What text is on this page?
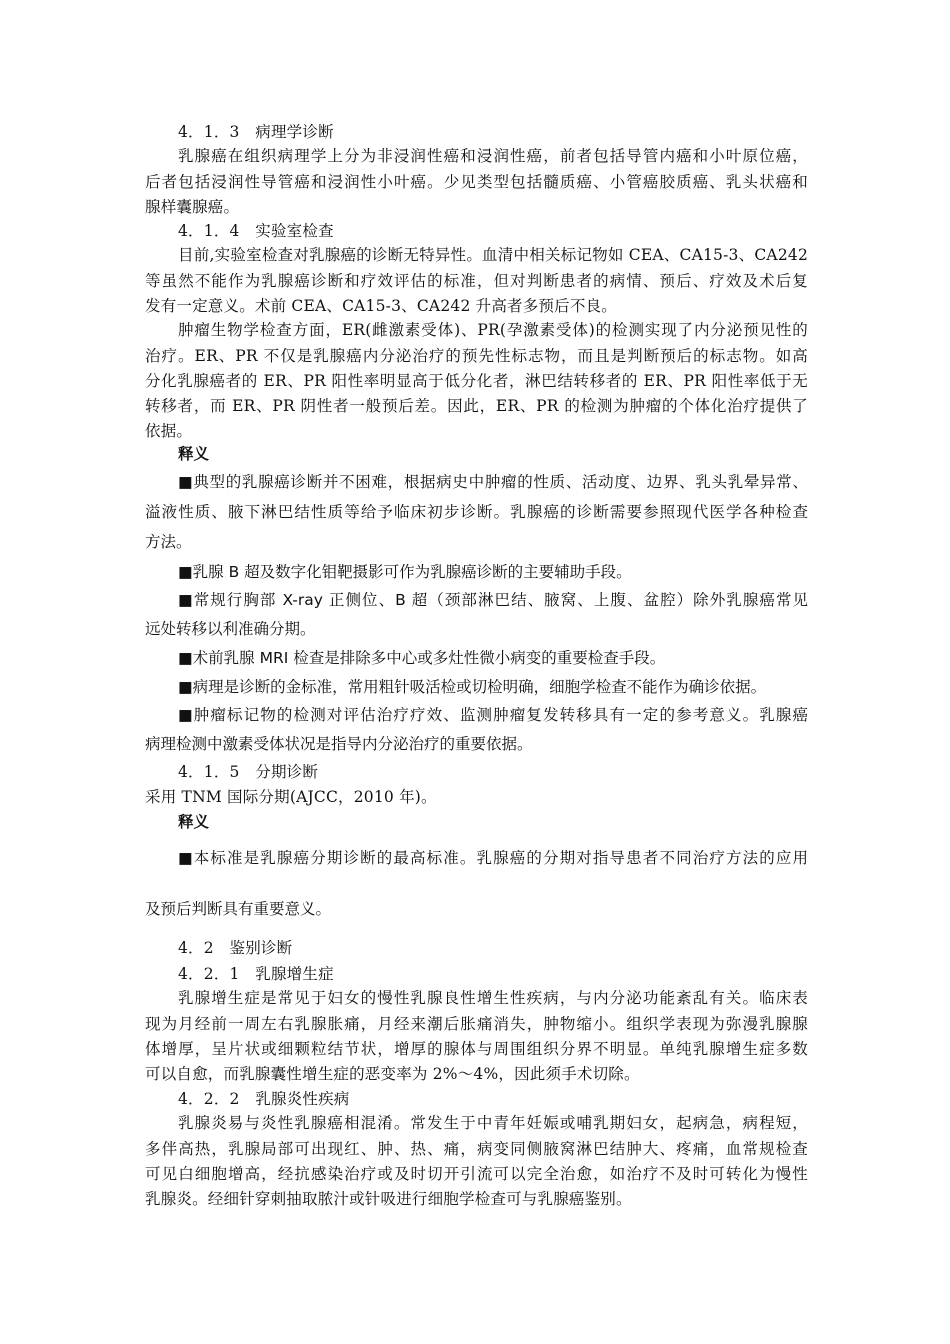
4．1．3　病理学诊断
乳腺癌在组织病理学上分为非浸润性癌和浸润性癌，前者包括导管内癌和小叶原位癌，
后者包括浸润性导管癌和浸润性小叶癌。少见类型包括髓质癌、小管癌胶质癌、乳头状癌和
腺样囊腺癌。
4．1．4　实验室检查
目前,实验室检查对乳腺癌的诊断无特异性。血清中相关标记物如 CEA、CA15-3、CA242
等虽然不能作为乳腺癌诊断和疗效评估的标准，但对判断患者的病情、预后、疗效及术后复
发有一定意义。术前 CEA、CA15-3、CA242 升高者多预后不良。
肿瘤生物学检查方面，ER(雌激素受体)、PR(孕激素受体)的检测实现了内分泌预见性的
治疗。ER、PR 不仅是乳腺癌内分泌治疗的预先性标志物，而且是判断预后的标志物。如高
分化乳腺癌者的 ER、PR 阳性率明显高于低分化者，淋巴结转移者的 ER、PR 阳性率低于无
转移者，而 ER、PR 阴性者一般预后差。因此，ER、PR 的检测为肿瘤的个体化治疗提供了
依据。
释义
■典型的乳腺癌诊断并不困难，根据病史中肿瘤的性质、活动度、边界、乳头乳晕异常、
溢液性质、腋下淋巴结性质等给予临床初步诊断。乳腺癌的诊断需要参照现代医学各种检查
方法。
■乳腺 B 超及数字化钼靶摄影可作为乳腺癌诊断的主要辅助手段。
■常规行胸部 X-ray 正侧位、B 超（颈部淋巴结、腋窝、上腹、盆腔）除外乳腺癌常见
远处转移以利准确分期。
■术前乳腺 MRI 检查是排除多中心或多灶性微小病变的重要检查手段。
■病理是诊断的金标准，常用粗针吸活检或切检明确，细胞学检查不能作为确诊依据。
■肿瘤标记物的检测对评估治疗疗效、监测肿瘤复发转移具有一定的参考意义。乳腺癌
病理检测中激素受体状况是指导内分泌治疗的重要依据。
4．1．5　分期诊断
采用 TNM 国际分期(AJCC，2010 年)。
释义
■本标准是乳腺癌分期诊断的最高标准。乳腺癌的分期对指导患者不同治疗方法的应用
及预后判断具有重要意义。
4．2　鉴别诊断
4．2．1　乳腺增生症
乳腺增生症是常见于妇女的慢性乳腺良性增生性疾病，与内分泌功能紊乱有关。临床表
现为月经前一周左右乳腺胀痛，月经来潮后胀痛消失，肿物缩小。组织学表现为弥漫乳腺腺
体增厚，呈片状或细颗粒结节状，增厚的腺体与周围组织分界不明显。单纯乳腺增生症多数
可以自愈，而乳腺囊性增生症的恶变率为 2%～4%，因此须手术切除。
4．2．2　乳腺炎性疾病
乳腺炎易与炎性乳腺癌相混淆。常发生于中青年妊娠或哺乳期妇女，起病急，病程短，
多伴高热，乳腺局部可出现红、肿、热、痛，病变同侧腋窝淋巴结肿大、疼痛，血常规检查
可见白细胞增高，经抗感染治疗或及时切开引流可以完全治愈，如治疗不及时可转化为慢性
乳腺炎。经细针穿刺抽取脓汁或针吸进行细胞学检查可与乳腺癌鉴别。
